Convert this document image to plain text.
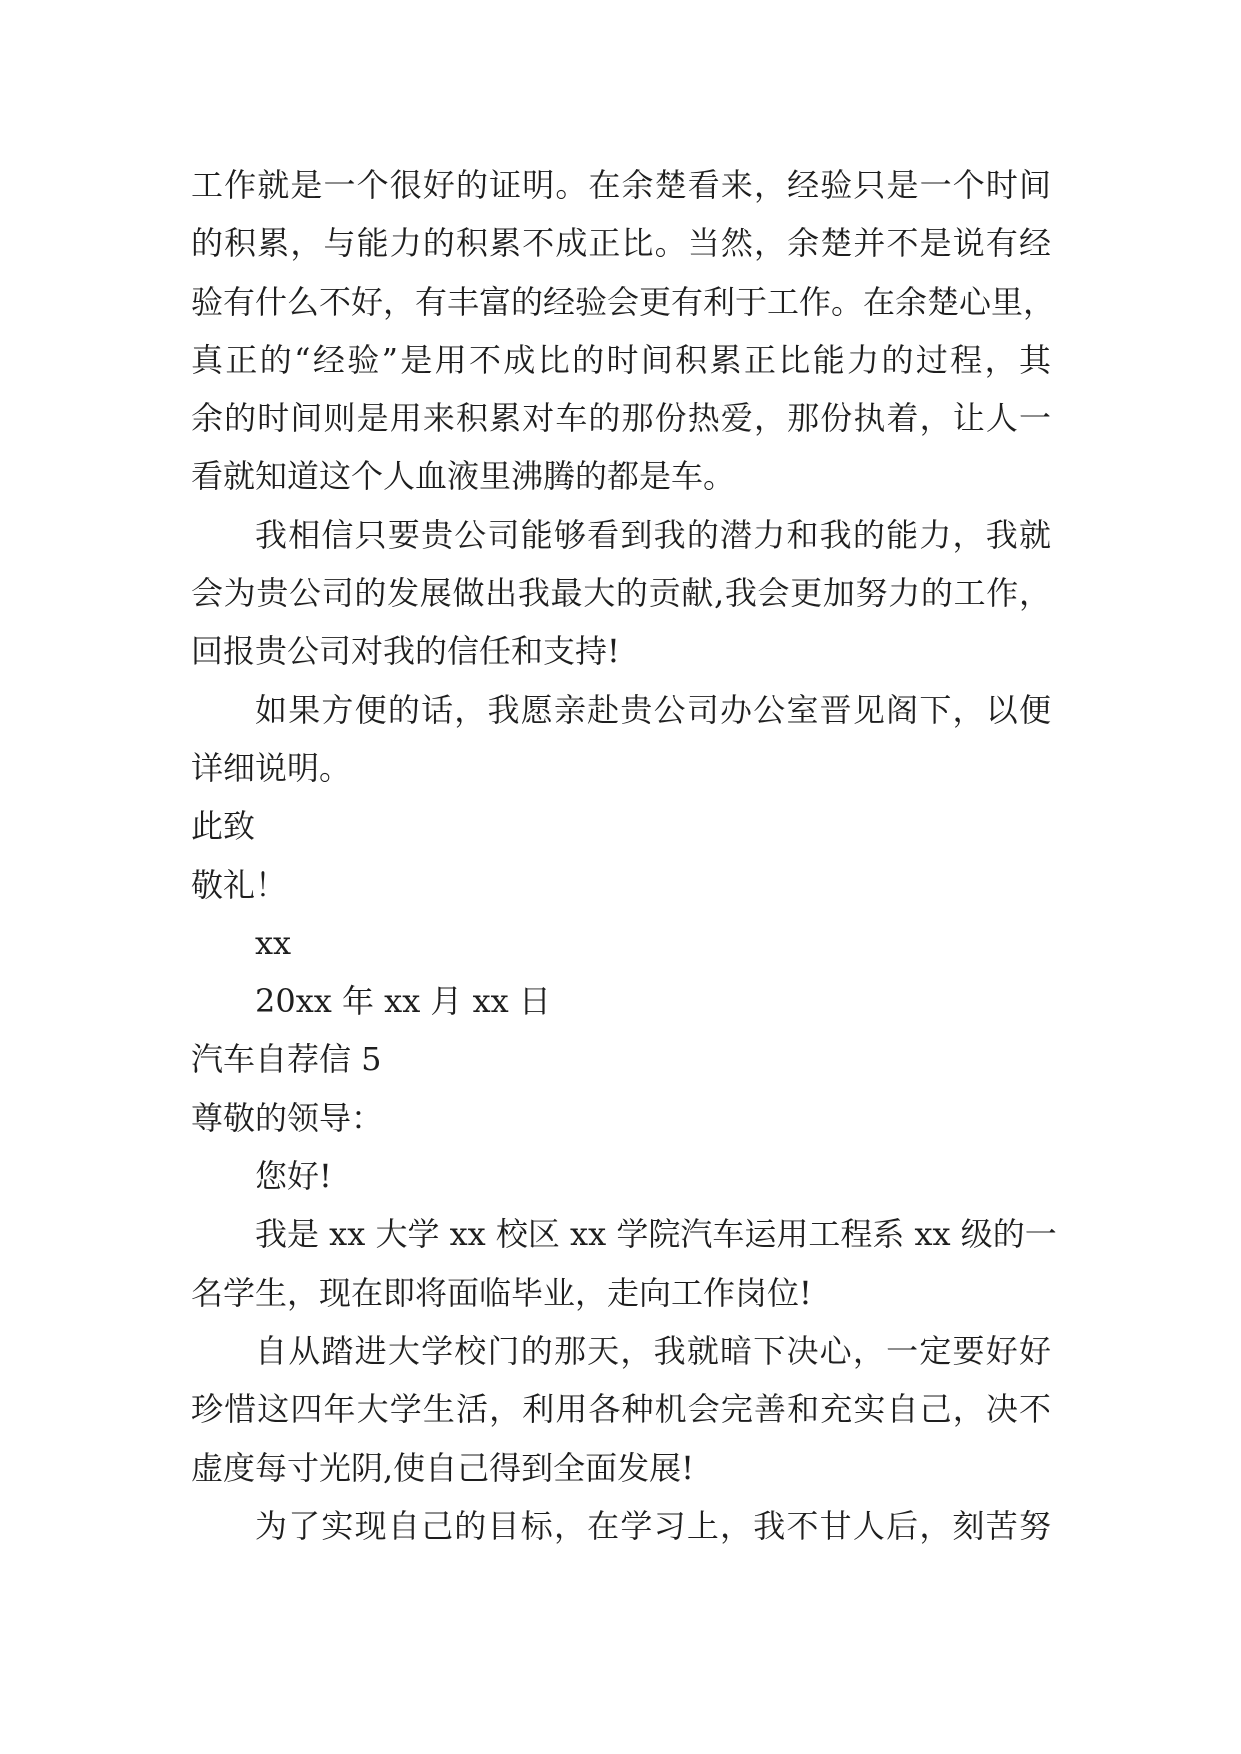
工作就是一个很好的证明。在余楚看来，经验只是一个时间
的积累，与能力的积累不成正比。当然，余楚并不是说有经
验有什么不好，有丰富的经验会更有利于工作。在余楚心里，
真正的“经验”是用不成比的时间积累正比能力的过程，其
余的时间则是用来积累对车的那份热爱，那份执着，让人一
看就知道这个人血液里沸腾的都是车。
我相信只要贵公司能够看到我的潜力和我的能力，我就
会为贵公司的发展做出我最大的贡献,我会更加努力的工作，
回报贵公司对我的信任和支持!
如果方便的话，我愿亲赴贵公司办公室晋见阁下，以便
详细说明。
此致
敬礼！
xx
20xx 年 xx 月 xx 日
汽车自荐信 5
尊敬的领导：
您好!
我是 xx 大学 xx 校区 xx 学院汽车运用工程系 xx 级的一
名学生，现在即将面临毕业，走向工作岗位!
自从踏进大学校门的那天，我就暗下决心，一定要好好
珍惜这四年大学生活，利用各种机会完善和充实自己，决不
虚度每寸光阴,使自己得到全面发展!
为了实现自己的目标，在学习上，我不甘人后，刻苦努
